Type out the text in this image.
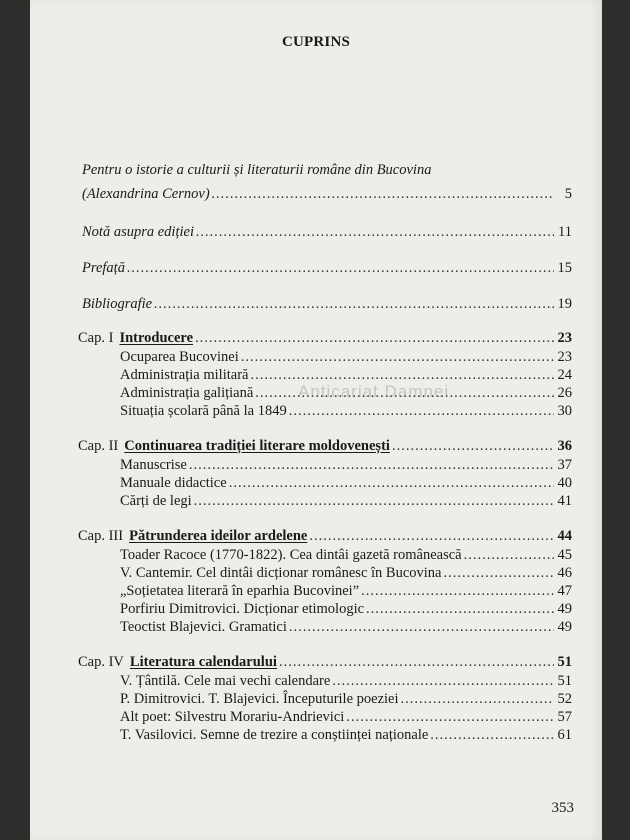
CUPRINS
Pentru o istorie a culturii și literaturii române din Bucovina
(Alexandrina Cernov) .....	5
Notă asupra ediției .....	11
Prefață .....	15
Bibliografie .....	19
Cap. I Introducere .....	23
Ocuparea Bucovinei .....	23
Administrația militară .....	24
Administrația galițiană .....	26
Situația școlară până la 1849 .....	30
Cap. II Continuarea tradiției literare moldovenești .....	36
Manuscrise .....	37
Manuale didactice .....	40
Cărți de legi .....	41
Cap. III Pătrunderea ideilor ardelene .....	44
Toader Racoce (1770-1822). Cea dintâi gazetă românească .....	45
V. Cantemir. Cel dintâi dicționar românesc în Bucovina .....	46
„Soțietatea literară în eparhia Bucovinei” .....	47
Porfiriu Dimitrovici. Dicționar etimologic .....	49
Teoctist Blajevici. Gramatici .....	49
Cap. IV Literatura calendarului .....	51
V. Țântilă. Cele mai vechi calendare .....	51
P. Dimitrovici. T. Blajevici. Începuturile poeziei .....	52
Alt poet: Silvestru Morariu-Andrievici .....	57
T. Vasilovici. Semne de trezire a conștiinței naționale .....	61
Anticariat Damnei
353
